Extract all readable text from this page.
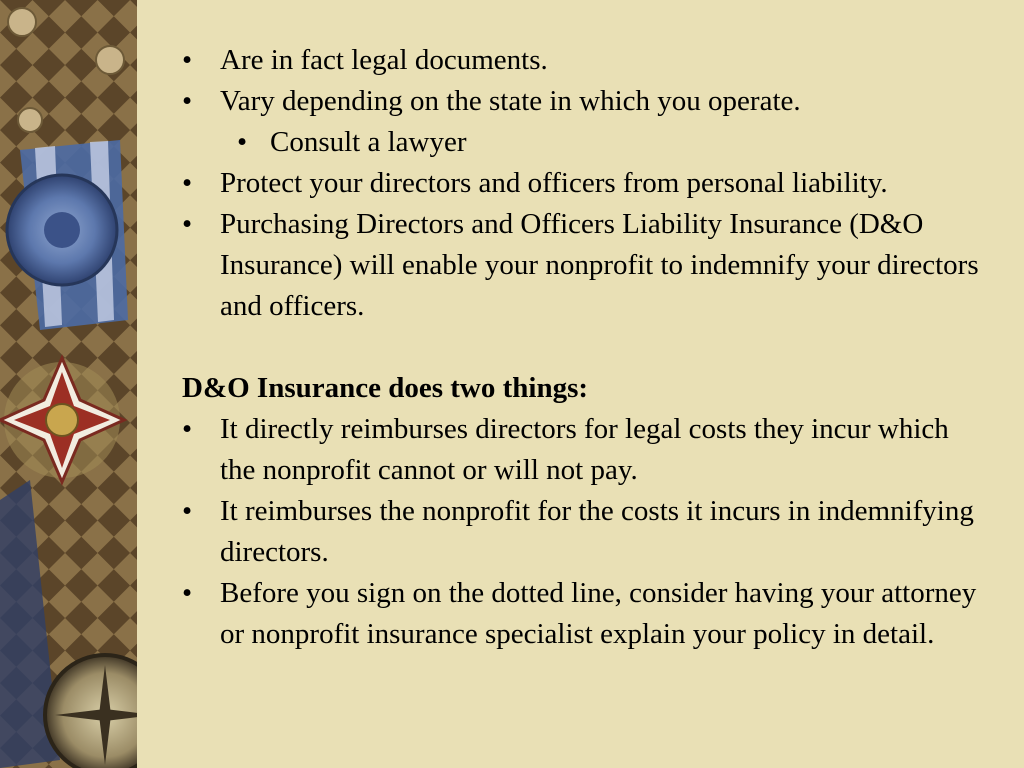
• Are in fact legal documents.
• Vary depending on the state in which you operate.
• Consult a lawyer
• Protect your directors and officers from personal liability.
• Purchasing Directors and Officers Liability Insurance (D&O Insurance) will enable your nonprofit to indemnify your directors and officers.
D&O Insurance does two things:
• It directly reimburses directors for legal costs they incur which the nonprofit cannot or will not pay.
• It reimburses the nonprofit for the costs it incurs in indemnifying directors.
• Before you sign on the dotted line, consider having your attorney or nonprofit insurance specialist explain your policy in detail.
